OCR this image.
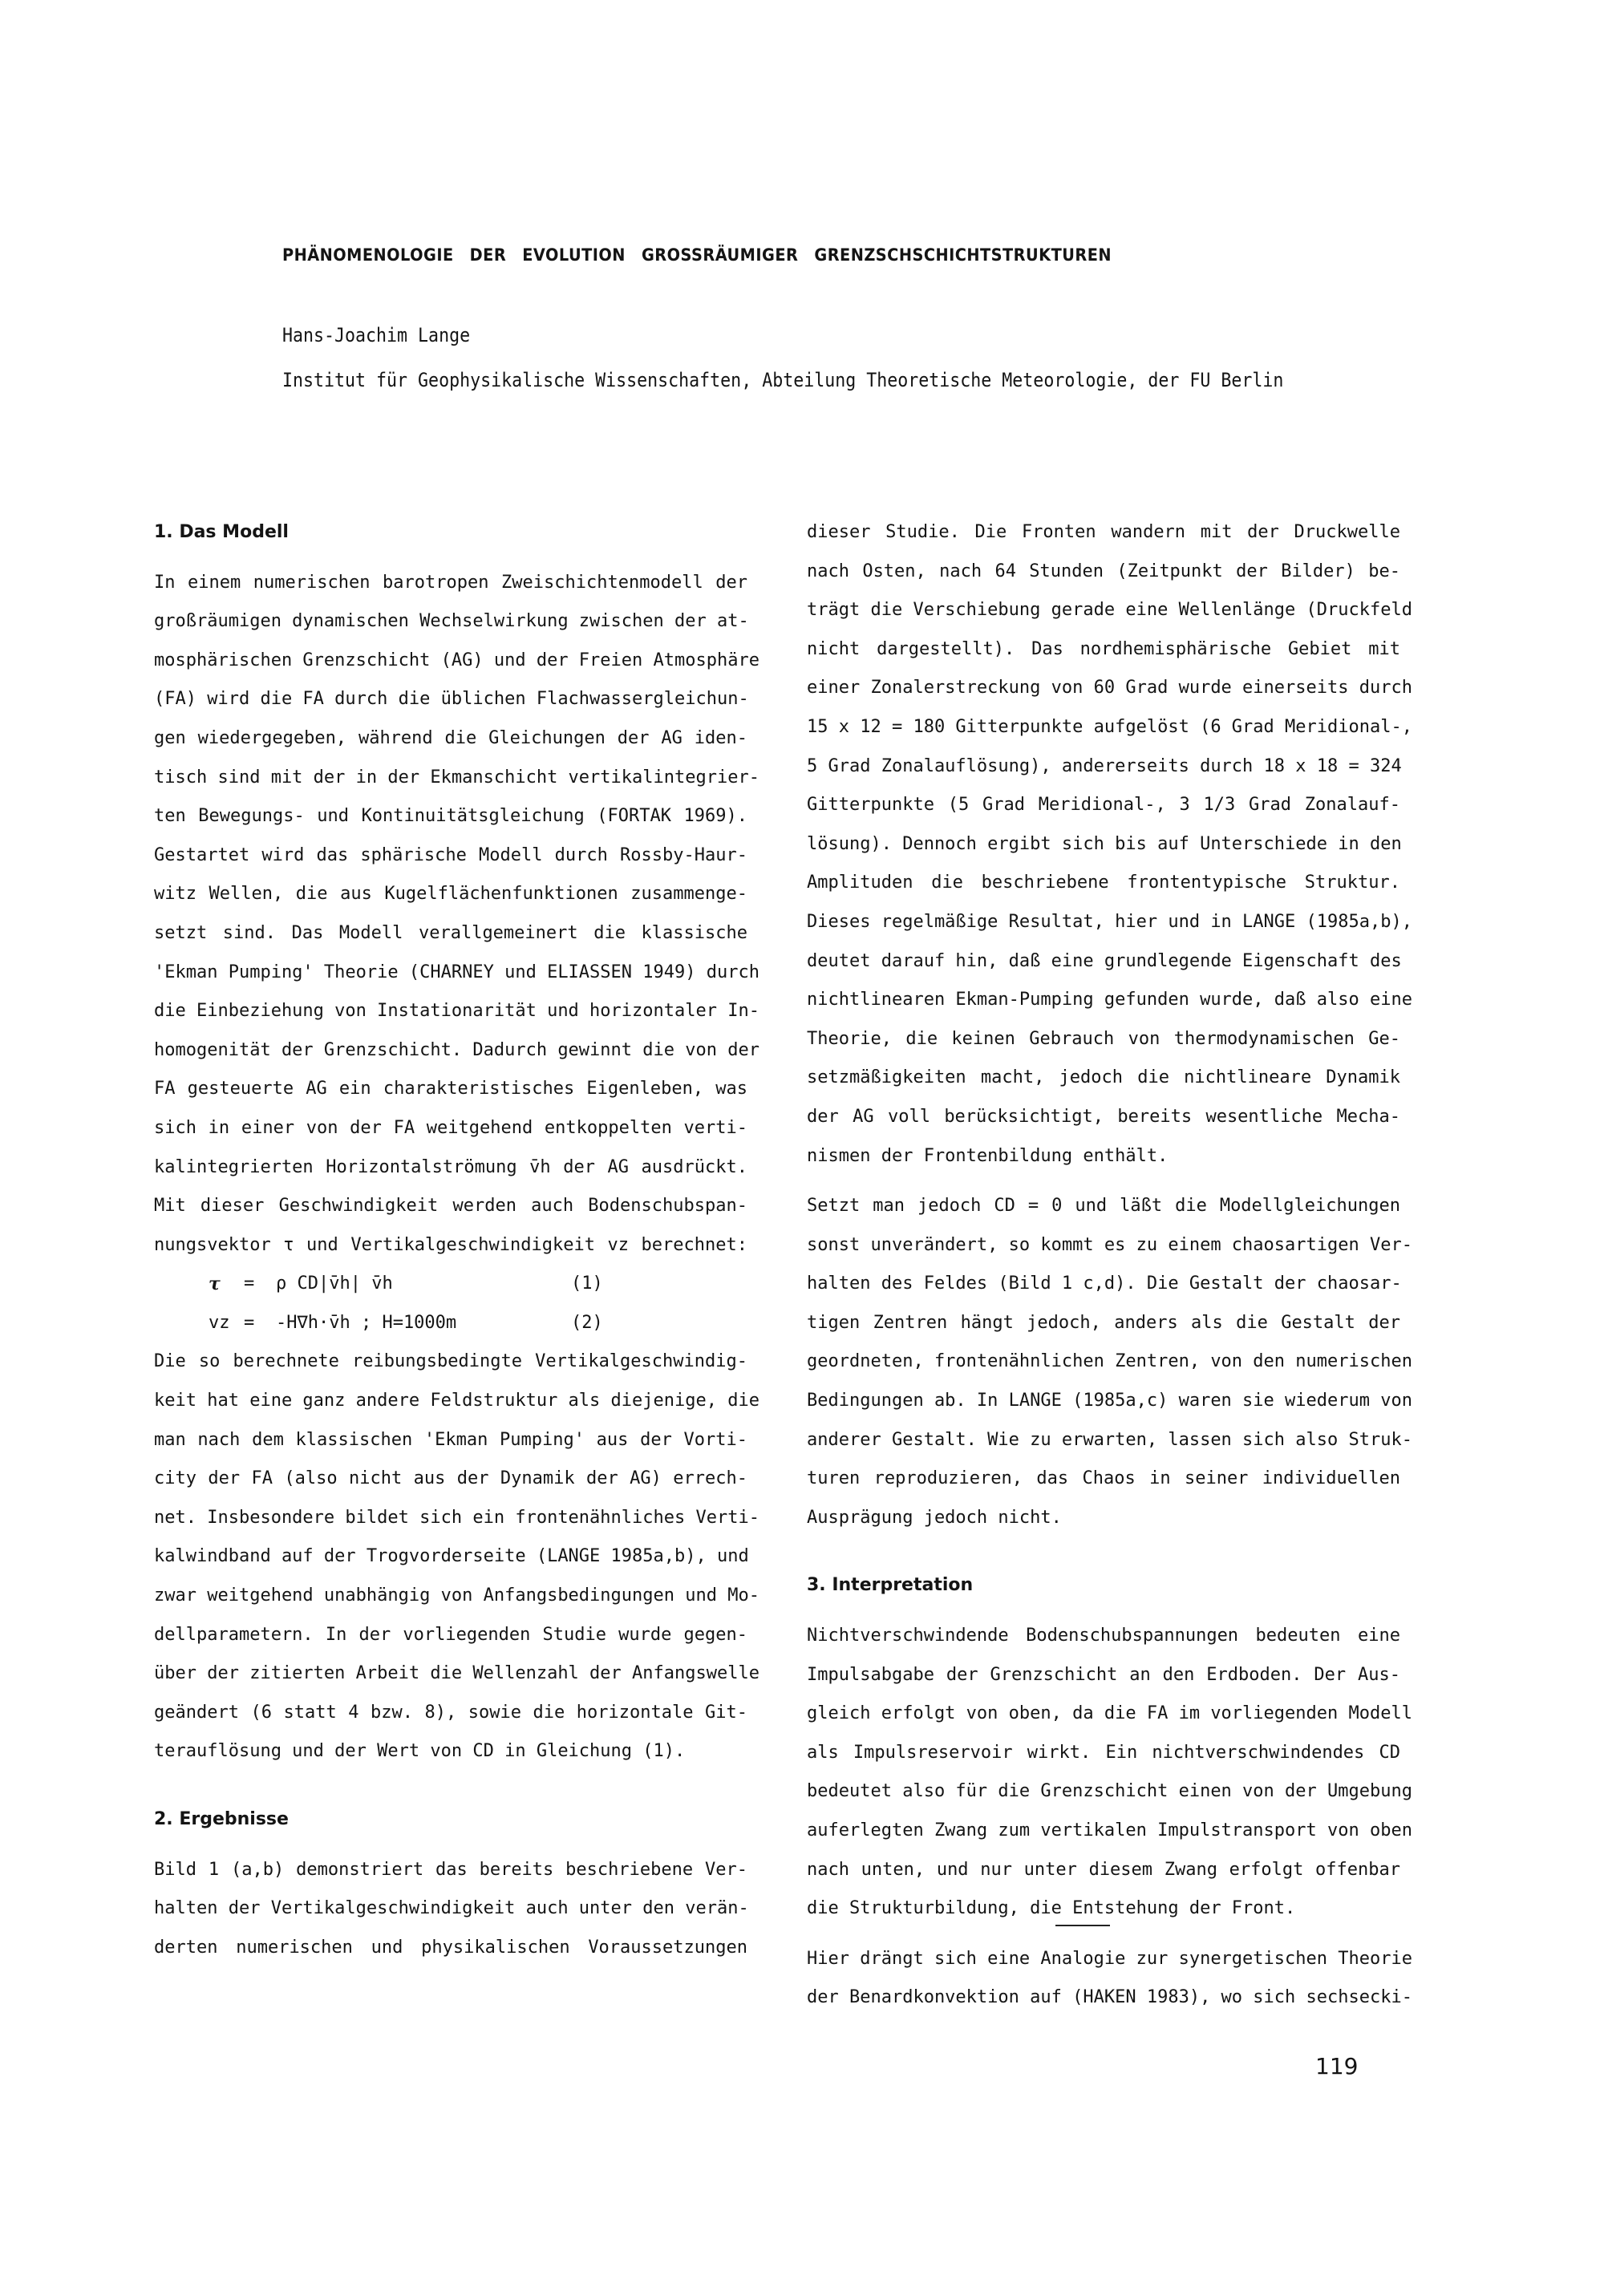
PHÄNOMENOLOGIE DER EVOLUTION GROSSRÄUMIGER GRENZSCHSCHICHTSTRUKTUREN
Hans-Joachim Lange
Institut für Geophysikalische Wissenschaften, Abteilung Theoretische Meteorologie, der FU Berlin
1. Das Modell
In einem numerischen barotropen Zweischichtenmodell der
großräumigen dynamischen Wechselwirkung zwischen der at-
mosphärischen Grenzschicht (AG) und der Freien Atmosphäre
(FA) wird die FA durch die üblichen Flachwassergleichun-
gen wiedergegeben, während die Gleichungen der AG iden-
tisch sind mit der in der Ekmanschicht vertikalintegrier-
ten Bewegungs- und Kontinuitätsgleichung (FORTAK 1969).
Gestartet wird das sphärische Modell durch Rossby-Haur-
witz Wellen, die aus Kugelflächenfunktionen zusammenge-
setzt sind. Das Modell verallgemeinert die klassische
'Ekman Pumping' Theorie (CHARNEY und ELIASSEN 1949) durch
die Einbeziehung von Instationarität und horizontaler In-
homogenität der Grenzschicht. Dadurch gewinnt die von der
FA gesteuerte AG ein charakteristisches Eigenleben, was
sich in einer von der FA weitgehend entkoppelten verti-
kalintegrierten Horizontalströmung v̄h der AG ausdrückt.
Mit dieser Geschwindigkeit werden auch Bodenschubspan-
nungsvektor τ und Vertikalgeschwindigkeit vz berechnet:
τ = ρ CD|v̄h| v̄h	(1)
vz = -H∇h·v̄h ; H=1000m	(2)
Die so berechnete reibungsbedingte Vertikalgeschwindig-
keit hat eine ganz andere Feldstruktur als diejenige, die
man nach dem klassischen 'Ekman Pumping' aus der Vorti-
city der FA (also nicht aus der Dynamik der AG) errech-
net. Insbesondere bildet sich ein frontenähnliches Verti-
kalwindband auf der Trogvorderseite (LANGE 1985a,b), und
zwar weitgehend unabhängig von Anfangsbedingungen und Mo-
dellparametern. In der vorliegenden Studie wurde gegen-
über der zitierten Arbeit die Wellenzahl der Anfangswelle
geändert (6 statt 4 bzw. 8), sowie die horizontale Git-
terauflösung und der Wert von CD in Gleichung (1).
2. Ergebnisse
Bild 1 (a,b) demonstriert das bereits beschriebene Ver-
halten der Vertikalgeschwindigkeit auch unter den verän-
derten numerischen und physikalischen Voraussetzungen
dieser Studie. Die Fronten wandern mit der Druckwelle
nach Osten, nach 64 Stunden (Zeitpunkt der Bilder) be-
trägt die Verschiebung gerade eine Wellenlänge (Druckfeld
nicht dargestellt). Das nordhemisphärische Gebiet mit
einer Zonalerstreckung von 60 Grad wurde einerseits durch
15 x 12 = 180 Gitterpunkte aufgelöst (6 Grad Meridional-,
5 Grad Zonalauflösung), andererseits durch 18 x 18 = 324
Gitterpunkte (5 Grad Meridional-, 3 1/3 Grad Zonalauf-
lösung). Dennoch ergibt sich bis auf Unterschiede in den
Amplituden die beschriebene frontentypische Struktur.
Dieses regelmäßige Resultat, hier und in LANGE (1985a,b),
deutet darauf hin, daß eine grundlegende Eigenschaft des
nichtlinearen Ekman-Pumping gefunden wurde, daß also eine
Theorie, die keinen Gebrauch von thermodynamischen Ge-
setzmäßigkeiten macht, jedoch die nichtlineare Dynamik
der AG voll berücksichtigt, bereits wesentliche Mecha-
nismen der Frontenbildung enthält.
Setzt man jedoch CD = 0 und läßt die Modellgleichungen
sonst unverändert, so kommt es zu einem chaosartigen Ver-
halten des Feldes (Bild 1 c,d). Die Gestalt der chaosar-
tigen Zentren hängt jedoch, anders als die Gestalt der
geordneten, frontenähnlichen Zentren, von den numerischen
Bedingungen ab. In LANGE (1985a,c) waren sie wiederum von
anderer Gestalt. Wie zu erwarten, lassen sich also Struk-
turen reproduzieren, das Chaos in seiner individuellen
Ausprägung jedoch nicht.
3. Interpretation
Nichtverschwindende Bodenschubspannungen bedeuten eine
Impulsabgabe der Grenzschicht an den Erdboden. Der Aus-
gleich erfolgt von oben, da die FA im vorliegenden Modell
als Impulsreservoir wirkt. Ein nichtverschwindendes CD
bedeutet also für die Grenzschicht einen von der Umgebung
auferlegten Zwang zum vertikalen Impulstransport von oben
nach unten, und nur unter diesem Zwang erfolgt offenbar
die Strukturbildung, die Entstehung der Front.
Hier drängt sich eine Analogie zur synergetischen Theorie
der Benardkonvektion auf (HAKEN 1983), wo sich sechsecki-
119
